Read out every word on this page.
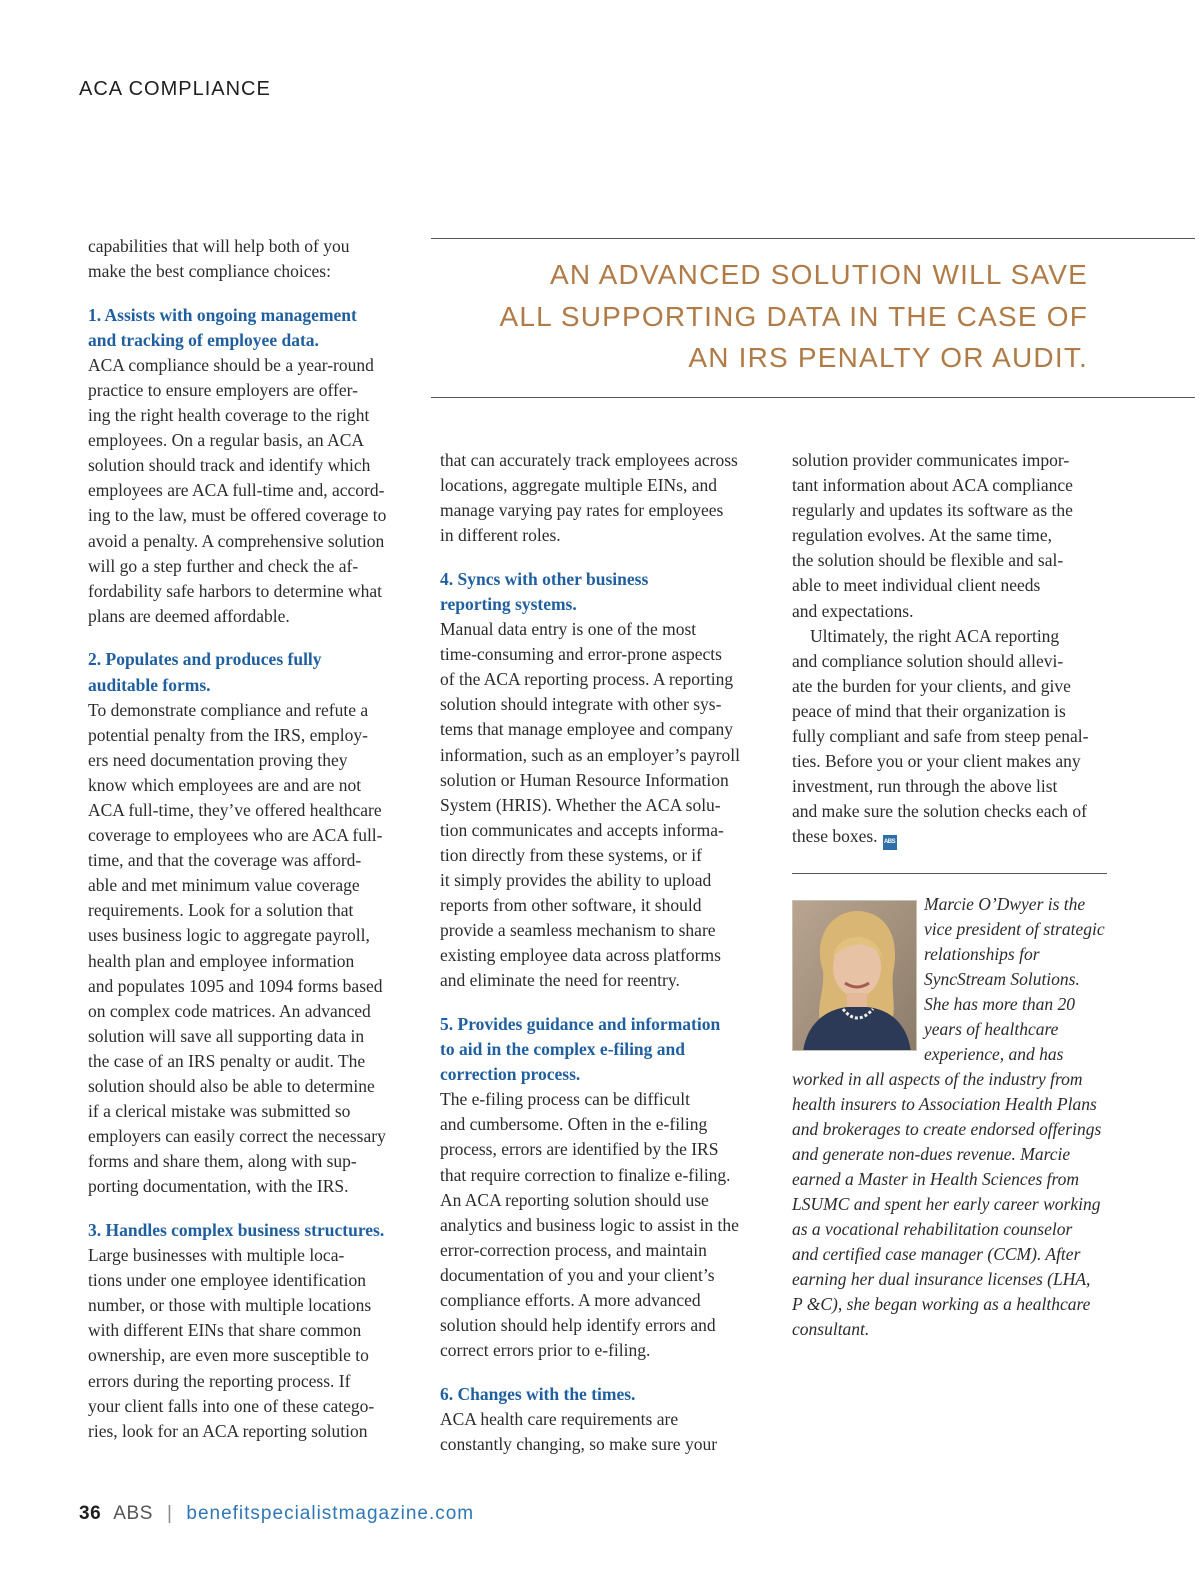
ACA COMPLIANCE
AN ADVANCED SOLUTION WILL SAVE
ALL SUPPORTING DATA IN THE CASE OF
AN IRS PENALTY OR AUDIT.

capabilities that will help both of you
make the best compliance choices:

1. Assists with ongoing management
and tracking of employee data.

ACA compliance should be a year-round
practice to ensure employers are offer-
ing the right health coverage to the right
employees. On a regular basis, an ACA
solution should track and identify which
employees are ACA full-time and, accord-
ing to the law, must be offered coverage to
avoid a penalty. A comprehensive solution
will go a step further and check the af-
fordability safe harbors to determine what
plans are deemed affordable.

2. Populates and produces fully
auditable forms.

To demonstrate compliance and refute a
potential penalty from the IRS, employ-
ers need documentation proving they
know which employees are and are not
ACA full-time, they’ve offered healthcare
coverage to employees who are ACA full-
time, and that the coverage was afford-
able and met minimum value coverage
requirements. Look for a solution that
uses business logic to aggregate payroll,
health plan and employee information
and populates 1095 and 1094 forms based
on complex code matrices. An advanced
solution will save all supporting data in
the case of an IRS penalty or audit. The
solution should also be able to determine
if a clerical mistake was submitted so
employers can easily correct the necessary
forms and share them, along with sup-
porting documentation, with the IRS.

3. Handles complex business structures.

Large businesses with multiple loca-
tions under one employee identification
number, or those with multiple locations
with different EINs that share common
ownership, are even more susceptible to
errors during the reporting process. If
your client falls into one of these catego-
ries, look for an ACA reporting solution

that can accurately track employees across
locations, aggregate multiple EINs, and
manage varying pay rates for employees
in different roles.

4. Syncs with other business
reporting systems.

Manual data entry is one of the most
time-consuming and error-prone aspects
of the ACA reporting process. A reporting
solution should integrate with other sys-
tems that manage employee and company
information, such as an employer’s payroll
solution or Human Resource Information
System (HRIS). Whether the ACA solu-
tion communicates and accepts informa-
tion directly from these systems, or if
it simply provides the ability to upload
reports from other software, it should
provide a seamless mechanism to share
existing employee data across platforms
and eliminate the need for reentry.

5. Provides guidance and information
to aid in the complex e-filing and
correction process.

The e-filing process can be difficult
and cumbersome. Often in the e-filing
process, errors are identified by the IRS
that require correction to finalize e-filing.
An ACA reporting solution should use
analytics and business logic to assist in the
error-correction process, and maintain
documentation of you and your client’s
compliance efforts. A more advanced
solution should help identify errors and
correct errors prior to e-filing.

6. Changes with the times.

ACA health care requirements are
constantly changing, so make sure your

solution provider communicates impor-
tant information about ACA compliance
regularly and updates its software as the
regulation evolves. At the same time,
the solution should be flexible and sal-
able to meet individual client needs
and expectations.

Ultimately, the right ACA reporting
and compliance solution should allevi-
ate the burden for your clients, and give
peace of mind that their organization is
fully compliant and safe from steep penal-
ties. Before you or your client makes any
investment, run through the above list
and make sure the solution checks each of
these boxes. ABS

Marcie O’Dwyer is the
vice president of strategic
relationships for
SyncStream Solutions.
She has more than 20
years of healthcare
experience, and has
worked in all aspects of the industry from
health insurers to Association Health Plans
and brokerages to create endorsed offerings
and generate non-dues revenue. Marcie
earned a Master in Health Sciences from
LSUMC and spent her early career working
as a vocational rehabilitation counselor
and certified case manager (CCM). After
earning her dual insurance licenses (LHA,
P &C), she began working as a healthcare
consultant.
36 ABS | benefitspecialistmagazine.com
